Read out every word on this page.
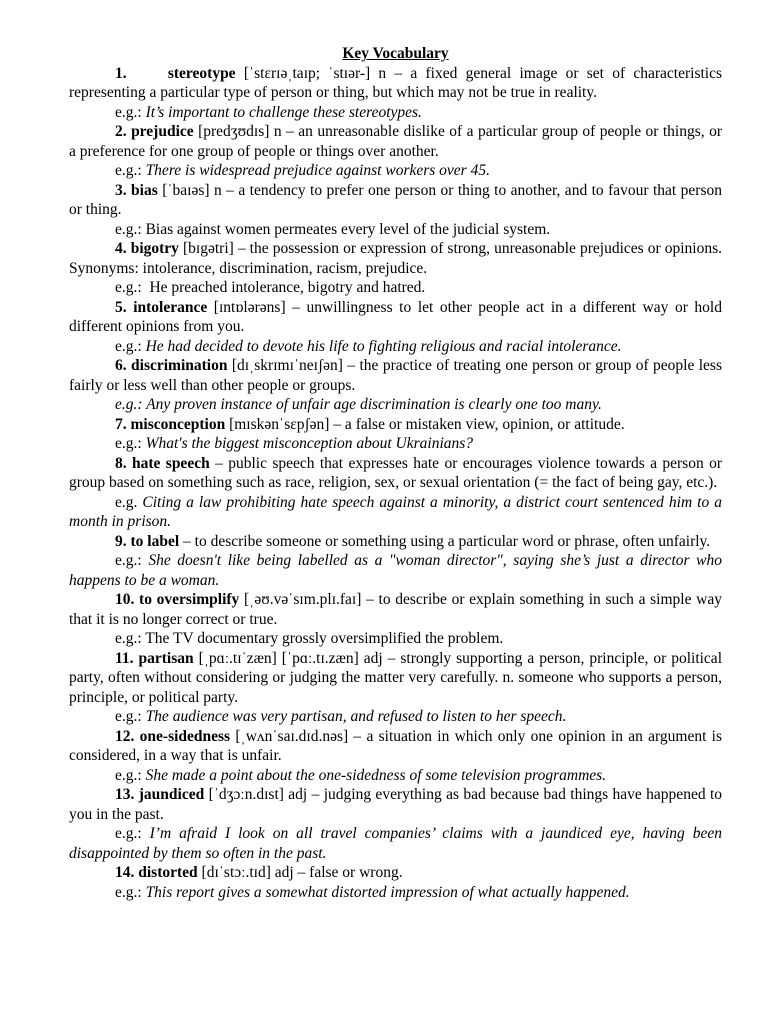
Key Vocabulary

1.     stereotype [ˈstɛrɪəˌtaɪp; ˈstɪər-] n – a fixed general image or set of characteristics representing a particular type of person or thing, but which may not be true in reality.

e.g.: It’s important to challenge these stereotypes.

2. prejudice [predʒʊdɪs] n – an unreasonable dislike of a particular group of people or things, or a preference for one group of people or things over another.

e.g.: There is widespread prejudice against workers over 45.

3. bias [ˈbaɪəs] n – a tendency to prefer one person or thing to another, and to favour that person or thing.

e.g.: Bias against women permeates every level of the judicial system.

4. bigotry [bɪgətri] – the possession or expression of strong, unreasonable prejudices or opinions. Synonyms: intolerance, discrimination, racism, prejudice.

e.g.:  He preached intolerance, bigotry and hatred.

5. intolerance [ɪntɒlərəns] – unwillingness to let other people act in a different way or hold different opinions from you.

e.g.: He had decided to devote his life to fighting religious and racial intolerance.

6. discrimination [dɪˌskrɪmɪˈneɪʃən] – the practice of treating one person or group of people less fairly or less well than other people or groups.

e.g.: Any proven instance of unfair age discrimination is clearly one too many.

7. misconception [mɪskənˈsɛpʃən] – a false or mistaken view, opinion, or attitude.

e.g.: What's the biggest misconception about Ukrainians?

8. hate speech – public speech that expresses hate or encourages violence towards a person or group based on something such as race, religion, sex, or sexual orientation (= the fact of being gay, etc.).

e.g. Citing a law prohibiting hate speech against a minority, a district court sentenced him to a month in prison.

9. to label – to describe someone or something using a particular word or phrase, often unfairly.

e.g.: She doesn't like being labelled as a "woman director", saying she’s just a director who happens to be a woman.

10. to oversimplify [ˌəʊ.vəˈsɪm.plɪ.faɪ] – to describe or explain something in such a simple way that it is no longer correct or true.

e.g.: The TV documentary grossly oversimplified the problem.

11. partisan [ˌpɑː.tɪˈzæn] [ˈpɑː.tɪ.zæn] adj – strongly supporting a person, principle, or political party, often without considering or judging the matter very carefully. n. someone who supports a person, principle, or political party.

e.g.: The audience was very partisan, and refused to listen to her speech.

12. one-sidedness [ˌwʌnˈsaɪ.dɪd.nəs] – a situation in which only one opinion in an argument is considered, in a way that is unfair.

e.g.: She made a point about the one-sidedness of some television programmes.

13. jaundiced [ˈdʒɔːn.dɪst] adj – judging everything as bad because bad things have happened to you in the past.

e.g.: I’m afraid I look on all travel companies’ claims with a jaundiced eye, having been disappointed by them so often in the past.

14. distorted [dɪˈstɔː.tɪd] adj – false or wrong.

e.g.: This report gives a somewhat distorted impression of what actually happened.
